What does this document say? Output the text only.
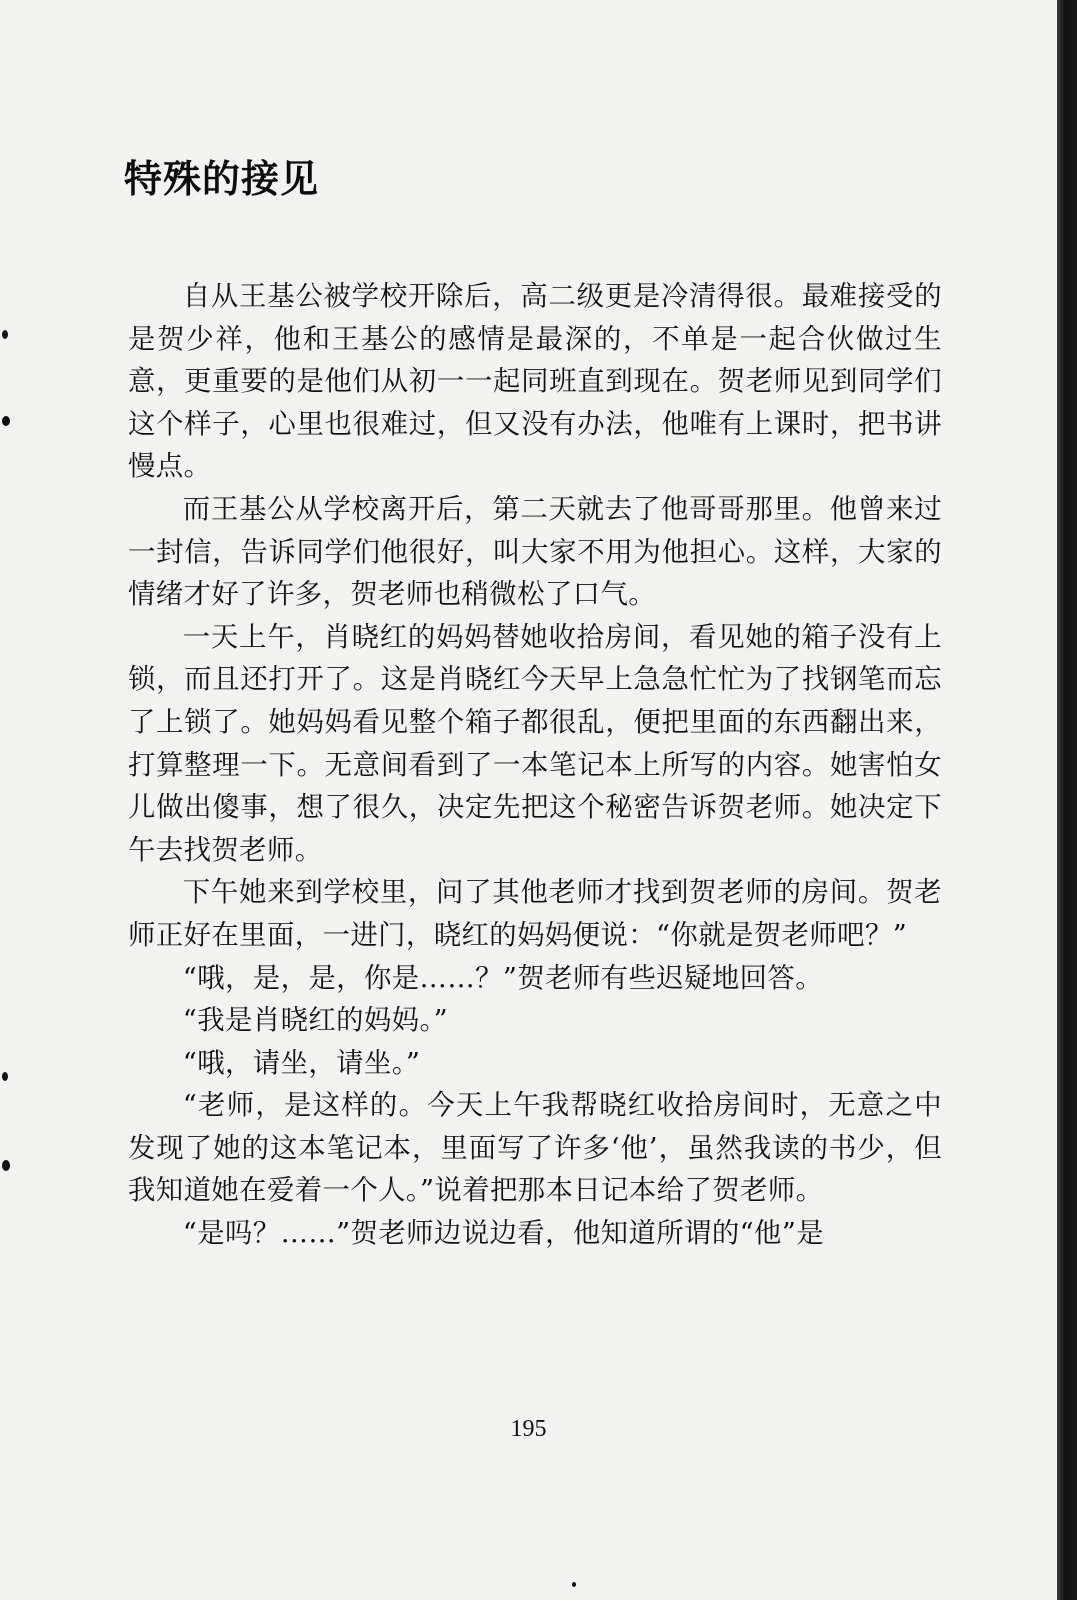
特殊的接见

自从王基公被学校开除后，高二级更是冷清得很。最难接受的是贺少祥，他和王基公的感情是最深的，不单是一起合伙做过生意，更重要的是他们从初一一起同班直到现在。贺老师见到同学们这个样子，心里也很难过，但又没有办法，他唯有上课时，把书讲慢点。

而王基公从学校离开后，第二天就去了他哥哥那里。他曾来过一封信，告诉同学们他很好，叫大家不用为他担心。这样，大家的情绪才好了许多，贺老师也稍微松了口气。

一天上午，肖晓红的妈妈替她收拾房间，看见她的箱子没有上锁，而且还打开了。这是肖晓红今天早上急急忙忙为了找钢笔而忘了上锁了。她妈妈看见整个箱子都很乱，便把里面的东西翻出来，打算整理一下。无意间看到了一本笔记本上所写的内容。她害怕女儿做出傻事，想了很久，决定先把这个秘密告诉贺老师。她决定下午去找贺老师。

下午她来到学校里，问了其他老师才找到贺老师的房间。贺老师正好在里面，一进门，晓红的妈妈便说：“你就是贺老师吧？”

“哦，是，是，你是……？”贺老师有些迟疑地回答。

“我是肖晓红的妈妈。”

“哦，请坐，请坐。”

“老师，是这样的。今天上午我帮晓红收拾房间时，无意之中发现了她的这本笔记本，里面写了许多‘他’，虽然我读的书少，但我知道她在爱着一个人。”说着把那本日记本给了贺老师。

“是吗？……”贺老师边说边看，他知道所谓的“他”是

195
